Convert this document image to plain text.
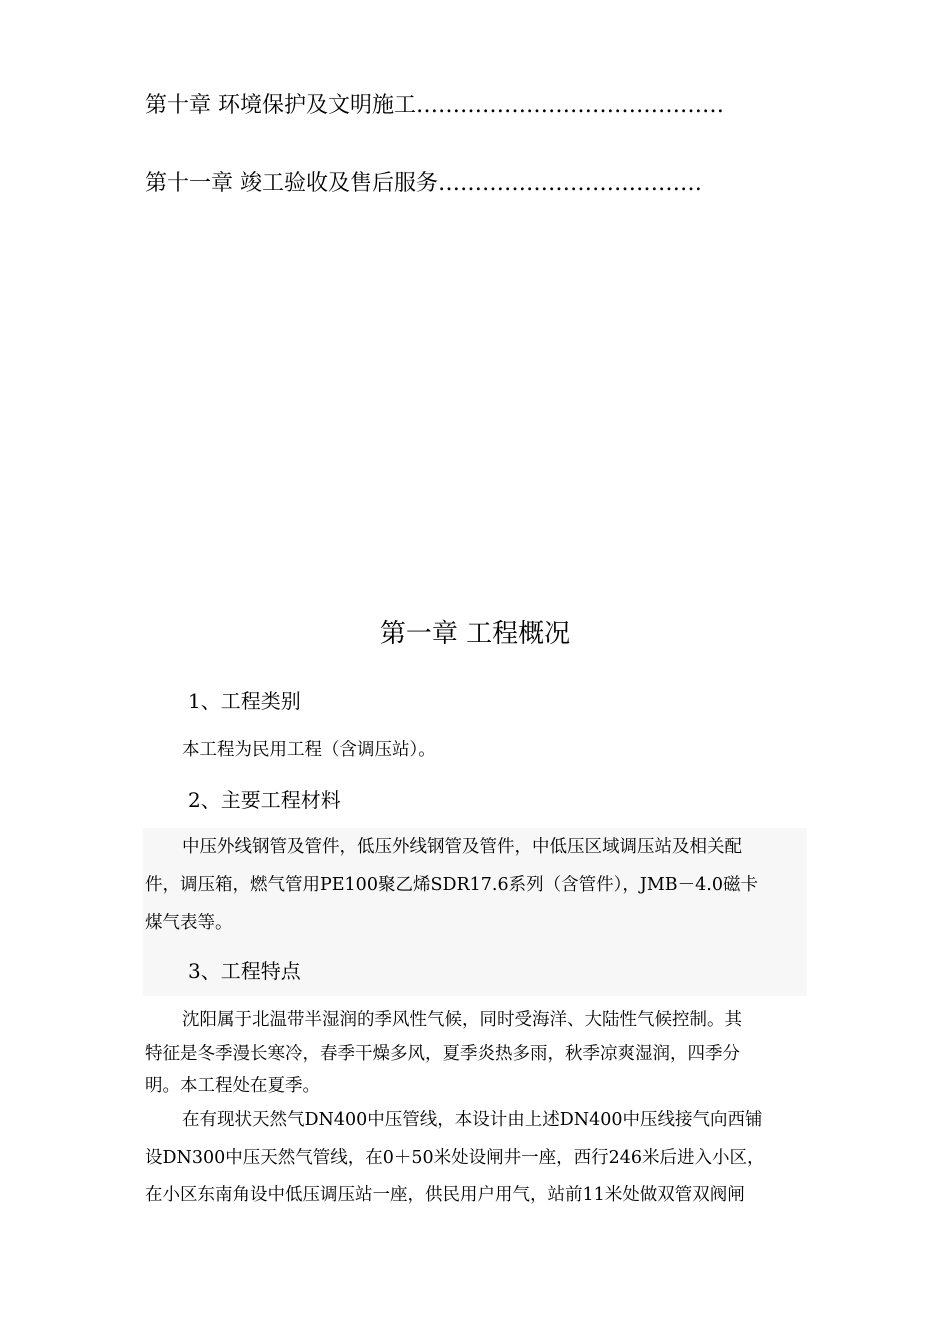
第十章 环境保护及文明施工……………………………………
第十一章 竣工验收及售后服务………………………………
第一章 工程概况
1、工程类别
本工程为民用工程（含调压站）。
2、主要工程材料
中压外线钢管及管件，低压外线钢管及管件，中低压区域调压站及相关配
件，调压箱，燃气管用PE100聚乙烯SDR17.6系列（含管件），JMB－4.0磁卡
煤气表等。
3、工程特点
沈阳属于北温带半湿润的季风性气候，同时受海洋、大陆性气候控制。其
特征是冬季漫长寒冷，春季干燥多风，夏季炎热多雨，秋季凉爽湿润，四季分
明。本工程处在夏季。
在有现状天然气DN400中压管线，本设计由上述DN400中压线接气向西铺
设DN300中压天然气管线，在0＋50米处设闸井一座，西行246米后进入小区，
在小区东南角设中低压调压站一座，供民用户用气，站前11米处做双管双阀闸
